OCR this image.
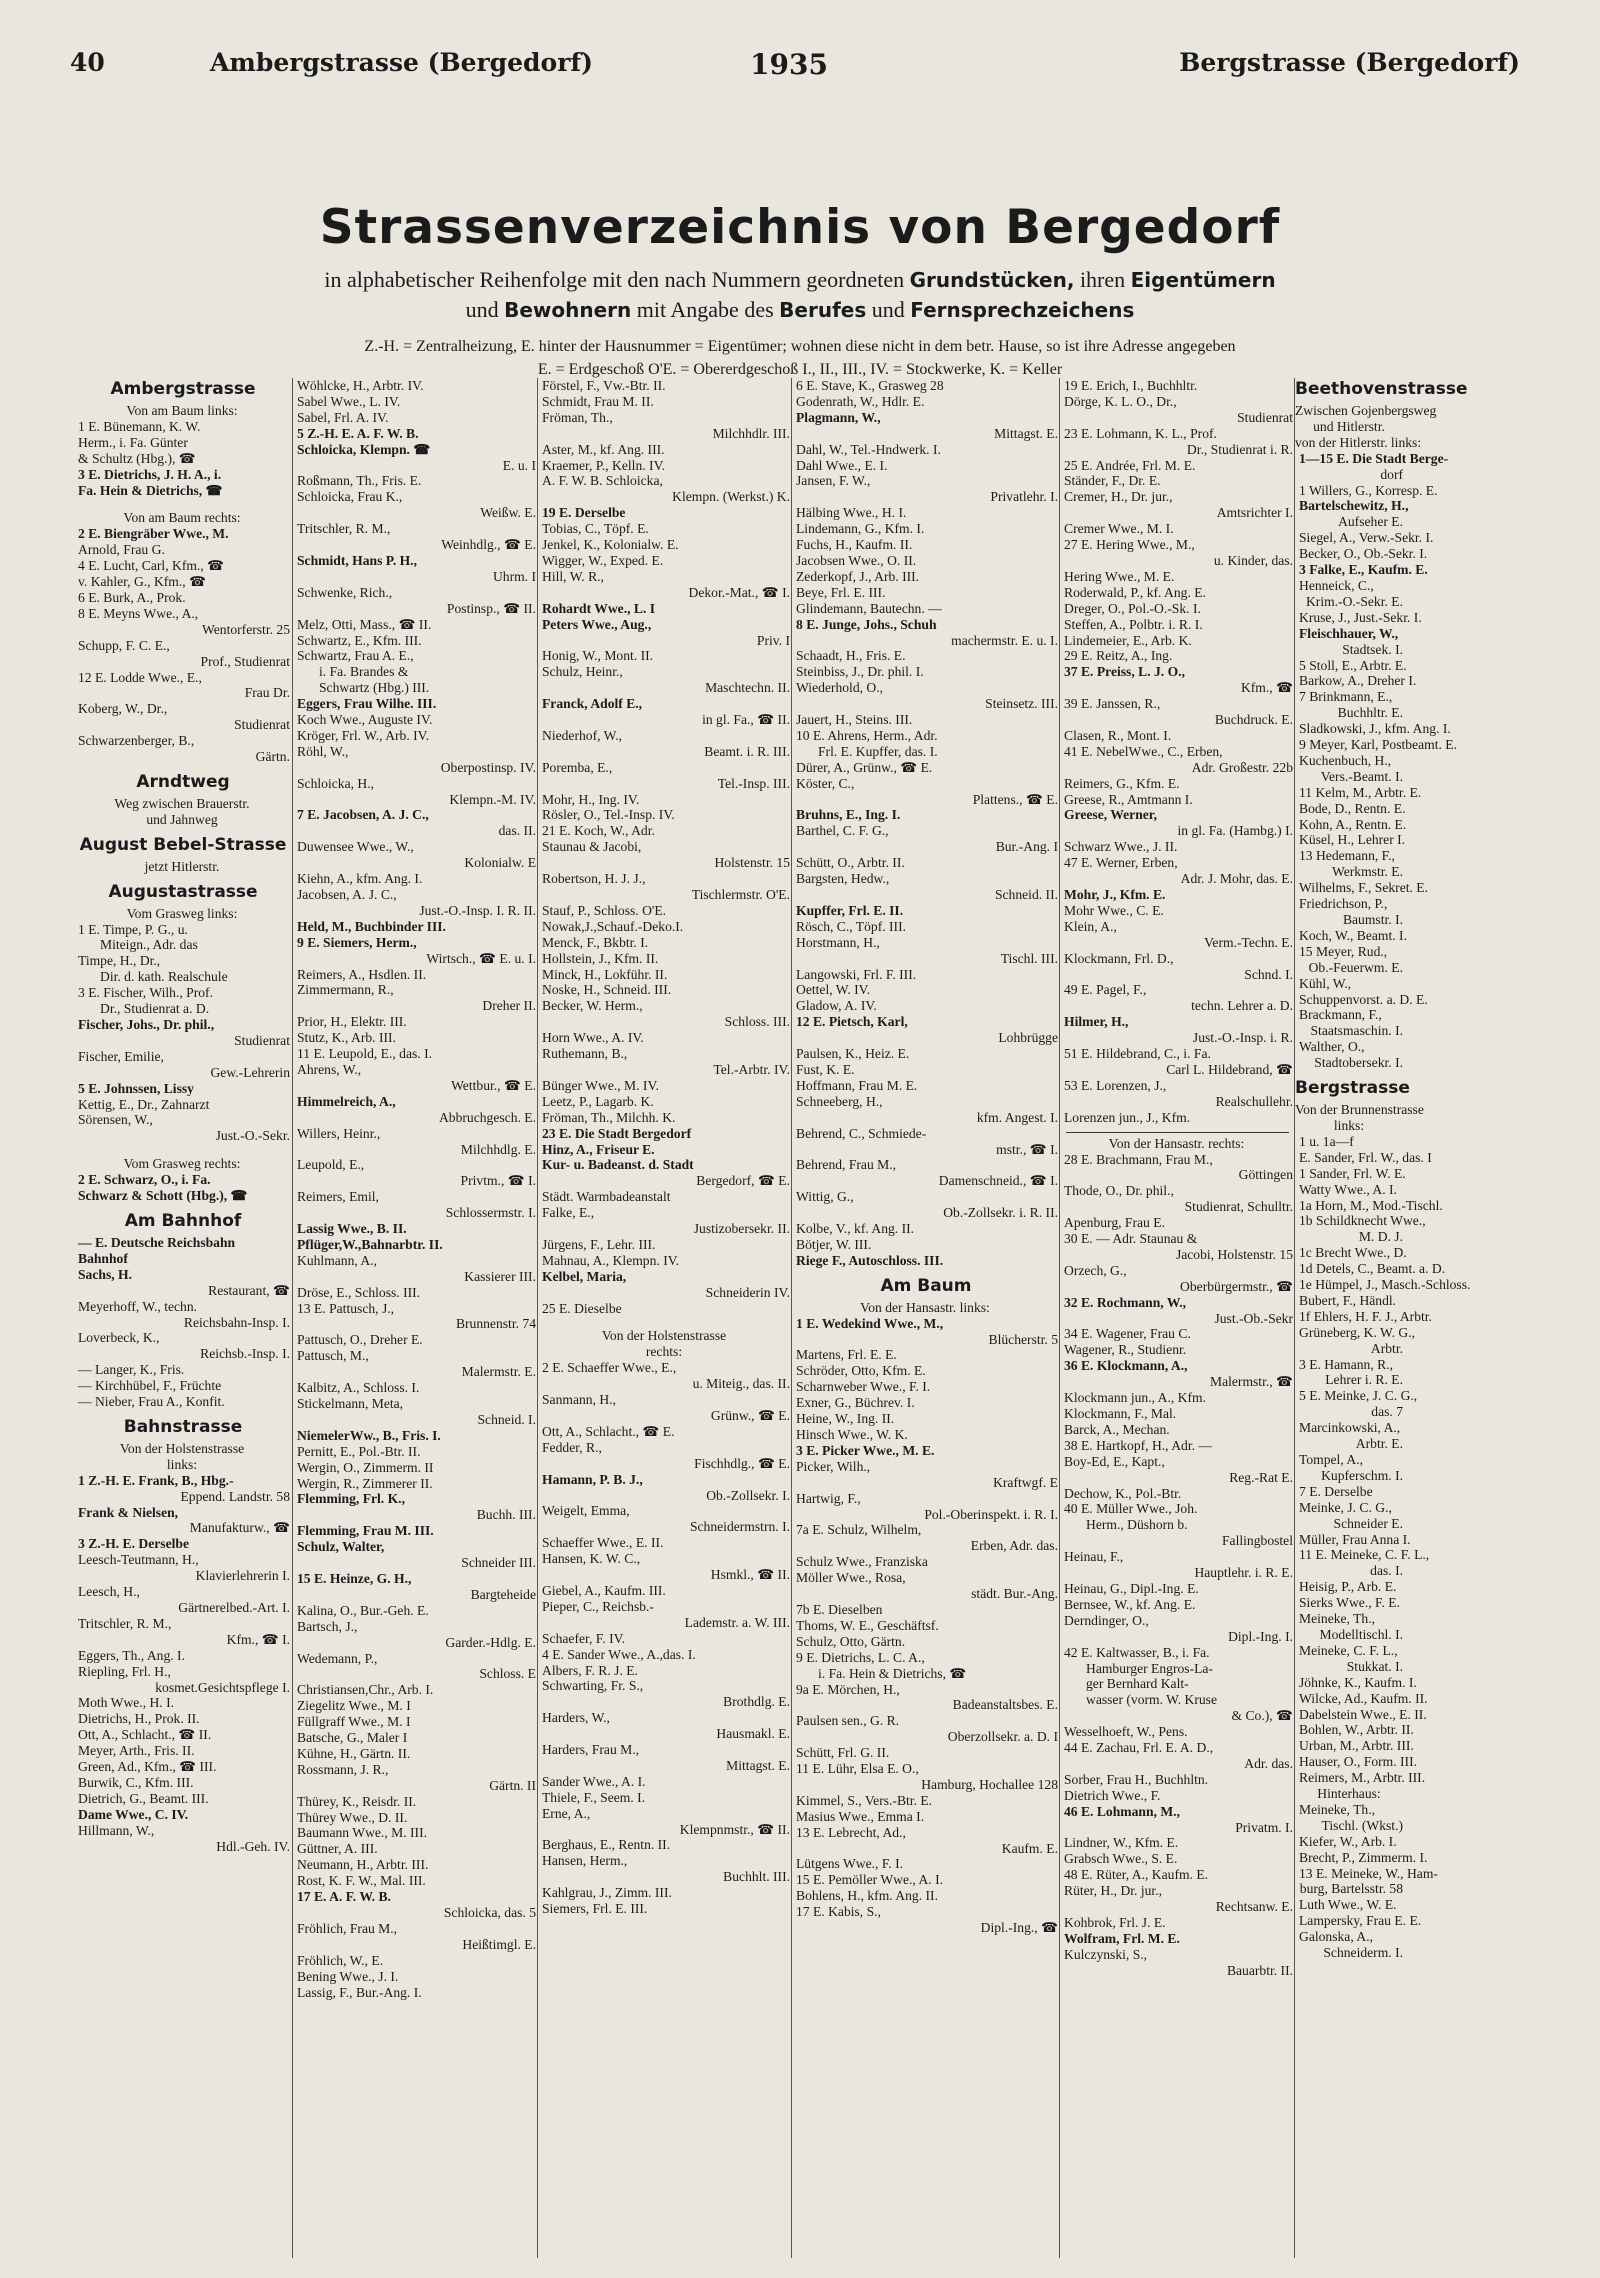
40	Ambergstrasse (Bergedorf)	1935	Bergstrasse (Bergedorf)
Strassenverzeichnis von Bergedorf
in alphabetischer Reihenfolge mit den nach Nummern geordneten Grundstücken, ihren Eigentümern
und Bewohnern mit Angabe des Berufes und Fernsprechzeichens
Z.-H. = Zentralheizung, E. hinter der Hausnummer = Eigentümer; wohnen diese nicht in dem betr. Hause, so ist ihre Adresse angegeben
E. = Erdgeschoß O'E. = Obererdgeschoß I., II., III., IV. = Stockwerke, K. = Keller
Ambergstrasse
Von am Baum links:
1 E. Bünemann, K. W.
Herm., i. Fa. Günter
& Schultz (Hbg.), ☎
3 E. Dietrichs, J. H. A., i.
Fa. Hein & Dietrichs, ☎
Von am Baum rechts:
2 E. Biengräber Wwe., M.
Arnold, Frau G.
4 E. Lucht, Carl, Kfm., ☎
v. Kahler, G., Kfm., ☎
6 E. Burk, A., Prok.
8 E. Meyns Wwe., A.,
Wentorferstr. 25
Schupp, F. C. E.,
Prof., Studienrat
12 E. Lodde Wwe., E.,
Frau Dr.
Koberg, W., Dr.,
Studienrat
Schwarzenberger, B.,
Gärtn.
Arndtweg
Weg zwischen Brauerstr.
und Jahnweg
August Bebel-Strasse
jetzt Hitlerstr.
Augustastrasse
Vom Grasweg links:
1 E. Timpe, P. G., u.
Miteign., Adr. das
Timpe, H., Dr.,
Dir. d. kath. Realschule
3 E. Fischer, Wilh., Prof.
Dr., Studienrat a. D.
Fischer, Johs., Dr. phil.,
Studienrat
Fischer, Emilie,
Gew.-Lehrerin
5 E. Johnssen, Lissy
Kettig, E., Dr., Zahnarzt
Sörensen, W.,
Just.-O.-Sekr.
Vom Grasweg rechts:
2 E. Schwarz, O., i. Fa.
Schwarz & Schott (Hbg.), ☎
Am Bahnhof
— E. Deutsche Reichsbahn
Bahnhof
Sachs, H.
Restaurant, ☎
Meyerhoff, W., techn.
Reichsbahn-Insp. I.
Loverbeck, K.,
Reichsb.-Insp. I.
— Langer, K., Fris.
— Kirchhübel, F., Früchte
— Nieber, Frau A., Konfit.
Bahnstrasse
Von der Holstenstrasse
links:
1 Z.-H. E. Frank, B., Hbg.-
Eppend. Landstr. 58
Frank & Nielsen,
Manufakturw., ☎
3 Z.-H. E. Derselbe
Leesch-Teutmann, H.,
Klavierlehrerin I.
Leesch, H.,
Gärtnerelbed.-Art. I.
Tritschler, R. M.,
Kfm., ☎ I.
Eggers, Th., Ang. I.
Riepling, Frl. H.,
kosmet.Gesichtspflege I.
Moth Wwe., H. I.
Dietrichs, H., Prok. II.
Ott, A., Schlacht., ☎ II.
Meyer, Arth., Fris. II.
Green, Ad., Kfm., ☎ III.
Burwik, C., Kfm. III.
Dietrich, G., Beamt. III.
Dame Wwe., C. IV.
Hillmann, W.,
Hdl.-Geh. IV.
Wöhlcke, H., Arbtr. IV.
Sabel Wwe., L. IV.
Sabel, Frl. A. IV.
5 Z.-H. E. A. F. W. B.
Schloicka, Klempn. ☎
E. u. I
Roßmann, Th., Fris. E.
Schloicka, Frau K.,
Weißw. E.
Tritschler, R. M.,
Weinhdlg., ☎ E.
Schmidt, Hans P. H.,
Uhrm. I
Schwenke, Rich.,
Postinsp., ☎ II.
Melz, Otti, Mass., ☎ II.
Schwartz, E., Kfm. III.
Schwartz, Frau A. E.,
i. Fa. Brandes &
Schwartz (Hbg.) III.
Eggers, Frau Wilhe. III.
Koch Wwe., Auguste IV.
Kröger, Frl. W., Arb. IV.
Röhl, W.,
Oberpostinsp. IV.
Schloicka, H.,
Klempn.-M. IV.
7 E. Jacobsen, A. J. C.,
das. II.
Duwensee Wwe., W.,
Kolonialw. E
Kiehn, A., kfm. Ang. I.
Jacobsen, A. J. C.,
Just.-O.-Insp. I. R. II.
Held, M., Buchbinder III.
9 E. Siemers, Herm.,
Wirtsch., ☎ E. u. I.
Reimers, A., Hsdlen. II.
Zimmermann, R.,
Dreher II.
Prior, H., Elektr. III.
Stutz, K., Arb. III.
11 E. Leupold, E., das. I.
Ahrens, W.,
Wettbur., ☎ E.
Himmelreich, A.,
Abbruchgesch. E.
Willers, Heinr.,
Milchhdlg. E.
Leupold, E.,
Privtm., ☎ I.
Reimers, Emil,
Schlossermstr. I.
Lassig Wwe., B. II.
Pflüger,W.,Bahnarbtr. II.
Kuhlmann, A.,
Kassierer III.
Dröse, E., Schloss. III.
13 E. Pattusch, J.,
Brunnenstr. 74
Pattusch, O., Dreher E.
Pattusch, M.,
Malermstr. E.
Kalbitz, A., Schloss. I.
Stickelmann, Meta,
Schneid. I.
NiemelerWw., B., Fris. I.
Pernitt, E., Pol.-Btr. II.
Wergin, O., Zimmerm. II
Wergin, R., Zimmerer II.
Flemming, Frl. K.,
Buchh. III.
Flemming, Frau M. III.
Schulz, Walter,
Schneider III.
15 E. Heinze, G. H.,
Bargteheide
Kalina, O., Bur.-Geh. E.
Bartsch, J.,
Garder.-Hdlg. E.
Wedemann, P.,
Schloss. E
Christiansen,Chr., Arb. I.
Ziegelitz Wwe., M. I
Füllgraff Wwe., M. I
Batsche, G., Maler I
Kühne, H., Gärtn. II.
Rossmann, J. R.,
Gärtn. II
Thürey, K., Reisdr. II.
Thürey Wwe., D. II.
Baumann Wwe., M. III.
Güttner, A. III.
Neumann, H., Arbtr. III.
Rost, K. F. W., Mal. III.
17 E. A. F. W. B.
Schloicka, das. 5
Fröhlich, Frau M.,
Heißtimgl. E.
Fröhlich, W., E.
Bening Wwe., J. I.
Lassig, F., Bur.-Ang. I.
Förstel, F., Vw.-Btr. II.
Schmidt, Frau M. II.
Fröman, Th.,
Milchhdlr. III.
Aster, M., kf. Ang. III.
Kraemer, P., Kelln. IV.
A. F. W. B. Schloicka,
Klempn. (Werkst.) K.
19 E. Derselbe
Tobias, C., Töpf. E.
Jenkel, K., Kolonialw. E.
Wigger, W., Exped. E.
Hill, W. R.,
Dekor.-Mat., ☎ I.
Rohardt Wwe., L. I
Peters Wwe., Aug.,
Priv. I
Honig, W., Mont. II.
Schulz, Heinr.,
Maschtechn. II.
Franck, Adolf E.,
in gl. Fa., ☎ II.
Niederhof, W.,
Beamt. i. R. III.
Poremba, E.,
Tel.-Insp. III.
Mohr, H., Ing. IV.
Rösler, O., Tel.-Insp. IV.
21 E. Koch, W., Adr.
Staunau & Jacobi,
Holstenstr. 15
Robertson, H. J. J.,
Tischlermstr. O'E.
Stauf, P., Schloss. O'E.
Nowak,J.,Schauf.-Deko.I.
Menck, F., Bkbtr. I.
Hollstein, J., Kfm. II.
Minck, H., Lokführ. II.
Noske, H., Schneid. III.
Becker, W. Herm.,
Schloss. III.
Horn Wwe., A. IV.
Ruthemann, B.,
Tel.-Arbtr. IV.
Bünger Wwe., M. IV.
Leetz, P., Lagarb. K.
Fröman, Th., Milchh. K.
23 E. Die Stadt Bergedorf
Hinz, A., Friseur E.
Kur- u. Badeanst. d. Stadt
Bergedorf, ☎ E.
Städt. Warmbadeanstalt
Falke, E.,
Justizobersekr. II.
Jürgens, F., Lehr. III.
Mahnau, A., Klempn. IV.
Kelbel, Maria,
Schneiderin IV.
25 E. Dieselbe
Von der Holstenstrasse
rechts:
2 E. Schaeffer Wwe., E.,
u. Miteig., das. II.
Sanmann, H.,
Grünw., ☎ E.
Ott, A., Schlacht., ☎ E.
Fedder, R.,
Fischhdlg., ☎ E.
Hamann, P. B. J.,
Ob.-Zollsekr. I.
Weigelt, Emma,
Schneidermstrn. I.
Schaeffer Wwe., E. II.
Hansen, K. W. C.,
Hsmkl., ☎ II.
Giebel, A., Kaufm. III.
Pieper, C., Reichsb.-
Lademstr. a. W. III.
Schaefer, F. IV.
4 E. Sander Wwe., A.,das. I.
Albers, F. R. J. E.
Schwarting, Fr. S.,
Brothdlg. E.
Harders, W.,
Hausmakl. E.
Harders, Frau M.,
Mittagst. E.
Sander Wwe., A. I.
Thiele, F., Seem. I.
Erne, A.,
Klempnmstr., ☎ II.
Berghaus, E., Rentn. II.
Hansen, Herm.,
Buchhlt. III.
Kahlgrau, J., Zimm. III.
Siemers, Frl. E. III.
6 E. Stave, K., Grasweg 28
Godenrath, W., Hdlr. E.
Plagmann, W.,
Mittagst. E.
Dahl, W., Tel.-Hndwerk. I.
Dahl Wwe., E. I.
Jansen, F. W.,
Privatlehr. I.
Hälbing Wwe., H. I.
Lindemann, G., Kfm. I.
Fuchs, H., Kaufm. II.
Jacobsen Wwe., O. II.
Zederkopf, J., Arb. III.
Beye, Frl. E. III.
Glindemann, Bautechn. —
8 E. Junge, Johs., Schuh
machermstr. E. u. I.
Schaadt, H., Fris. E.
Steinbiss, J., Dr. phil. I.
Wiederhold, O.,
Steinsetz. III.
Jauert, H., Steins. III.
10 E. Ahrens, Herm., Adr.
Frl. E. Kupffer, das. I.
Dürer, A., Grünw., ☎ E.
Köster, C.,
Plattens., ☎ E.
Bruhns, E., Ing. I.
Barthel, C. F. G.,
Bur.-Ang. I
Schütt, O., Arbtr. II.
Bargsten, Hedw.,
Schneid. II.
Kupffer, Frl. E. II.
Rösch, C., Töpf. III.
Horstmann, H.,
Tischl. III.
Langowski, Frl. F. III.
Oettel, W. IV.
Gladow, A. IV.
12 E. Pietsch, Karl,
Lohbrügge
Paulsen, K., Heiz. E.
Fust, K. E.
Hoffmann, Frau M. E.
Schneeberg, H.,
kfm. Angest. I.
Behrend, C., Schmiede-
mstr., ☎ I.
Behrend, Frau M.,
Damenschneid., ☎ I.
Wittig, G.,
Ob.-Zollsekr. i. R. II.
Kolbe, V., kf. Ang. II.
Bötjer, W. III.
Riege F., Autoschloss. III.
Am Baum
Von der Hansastr. links:
1 E. Wedekind Wwe., M.,
Blücherstr. 5
Martens, Frl. E. E.
Schröder, Otto, Kfm. E.
Scharnweber Wwe., F. I.
Exner, G., Büchrev. I.
Heine, W., Ing. II.
Hinsch Wwe., W. K.
3 E. Picker Wwe., M. E.
Picker, Wilh.,
Kraftwgf. E
Hartwig, F.,
Pol.-Oberinspekt. i. R. I.
7a E. Schulz, Wilhelm,
Erben, Adr. das.
Schulz Wwe., Franziska
Möller Wwe., Rosa,
städt. Bur.-Ang.
7b E. Dieselben
Thoms, W. E., Geschäftsf.
Schulz, Otto, Gärtn.
9 E. Dietrichs, L. C. A.,
i. Fa. Hein & Dietrichs, ☎
9a E. Mörchen, H.,
Badeanstaltsbes. E.
Paulsen sen., G. R.
Oberzollsekr. a. D. I
Schütt, Frl. G. II.
11 E. Lühr, Elsa E. O.,
Hamburg, Hochallee 128
Kimmel, S., Vers.-Btr. E.
Masius Wwe., Emma I.
13 E. Lebrecht, Ad.,
Kaufm. E.
Lütgens Wwe., F. I.
15 E. Pemöller Wwe., A. I.
Bohlens, H., kfm. Ang. II.
17 E. Kabis, S.,
Dipl.-Ing., ☎
19 E. Erich, I., Buchhltr.
Dörge, K. L. O., Dr.,
Studienrat
23 E. Lohmann, K. L., Prof.
Dr., Studienrat i. R.
25 E. Andrée, Frl. M. E.
Ständer, F., Dr. E.
Cremer, H., Dr. jur.,
Amtsrichter I.
Cremer Wwe., M. I.
27 E. Hering Wwe., M.,
u. Kinder, das.
Hering Wwe., M. E.
Roderwald, P., kf. Ang. E.
Dreger, O., Pol.-O.-Sk. I.
Steffen, A., Polbtr. i. R. I.
Lindemeier, E., Arb. K.
29 E. Reitz, A., Ing.
37 E. Preiss, L. J. O.,
Kfm., ☎
39 E. Janssen, R.,
Buchdruck. E.
Clasen, R., Mont. I.
41 E. NebelWwe., C., Erben,
Adr. Großestr. 22b
Reimers, G., Kfm. E.
Greese, R., Amtmann I.
Greese, Werner,
in gl. Fa. (Hambg.) I.
Schwarz Wwe., J. II.
47 E. Werner, Erben,
Adr. J. Mohr, das. E.
Mohr, J., Kfm. E.
Mohr Wwe., C. E.
Klein, A.,
Verm.-Techn. E.
Klockmann, Frl. D.,
Schnd. I.
49 E. Pagel, F.,
techn. Lehrer a. D.
Hilmer, H.,
Just.-O.-Insp. i. R.
51 E. Hildebrand, C., i. Fa.
Carl L. Hildebrand, ☎
53 E. Lorenzen, J.,
Realschullehr.
Lorenzen jun., J., Kfm.
Von der Hansastr. rechts:
28 E. Brachmann, Frau M.,
Göttingen
Thode, O., Dr. phil.,
Studienrat, Schulltr.
Apenburg, Frau E.
30 E. — Adr. Staunau &
Jacobi, Holstenstr. 15
Orzech, G.,
Oberbürgermstr., ☎
32 E. Rochmann, W.,
Just.-Ob.-Sekr
34 E. Wagener, Frau C.
Wagener, R., Studienr.
36 E. Klockmann, A.,
Malermstr., ☎
Klockmann jun., A., Kfm.
Klockmann, F., Mal.
Barck, A., Mechan.
38 E. Hartkopf, H., Adr. —
Boy-Ed, E., Kapt.,
Reg.-Rat E.
Dechow, K., Pol.-Btr.
40 E. Müller Wwe., Joh.
Herm., Düshorn b.
Fallingbostel
Heinau, F.,
Hauptlehr. i. R. E.
Heinau, G., Dipl.-Ing. E.
Bernsee, W., kf. Ang. E.
Derndinger, O.,
Dipl.-Ing. I.
42 E. Kaltwasser, B., i. Fa.
Hamburger Engros-La-
ger Bernhard Kalt-
wasser (vorm. W. Kruse
& Co.), ☎
Wesselhoeft, W., Pens.
44 E. Zachau, Frl. E. A. D.,
Adr. das.
Sorber, Frau H., Buchhltn.
Dietrich Wwe., F.
46 E. Lohmann, M.,
Privatm. I.
Lindner, W., Kfm. E.
Grabsch Wwe., S. E.
48 E. Rüter, A., Kaufm. E.
Rüter, H., Dr. jur.,
Rechtsanw. E.
Kohbrok, Frl. J. E.
Wolfram, Frl. M. E.
Kulczynski, S.,
Bauarbtr. II.
Beethovenstrasse
Zwischen Gojenbergsweg
und Hitlerstr.
von der Hitlerstr. links:
1—15 E. Die Stadt Berge-
dorf
1 Willers, G., Korresp. E.
Bartelschewitz, H.,
Aufseher E.
Siegel, A., Verw.-Sekr. I.
Becker, O., Ob.-Sekr. I.
3 Falke, E., Kaufm. E.
Henneick, C.,
Krim.-O.-Sekr. E.
Kruse, J., Just.-Sekr. I.
Fleischhauer, W.,
Stadtsek. I.
5 Stoll, E., Arbtr. E.
Barkow, A., Dreher I.
7 Brinkmann, E.,
Buchhltr. E.
Sladkowski, J., kfm. Ang. I.
9 Meyer, Karl, Postbeamt. E.
Kuchenbuch, H.,
Vers.-Beamt. I.
11 Kelm, M., Arbtr. E.
Bode, D., Rentn. E.
Kohn, A., Rentn. E.
Küsel, H., Lehrer I.
13 Hedemann, F.,
Werkmstr. E.
Wilhelms, F., Sekret. E.
Friedrichson, P.,
Baumstr. I.
Koch, W., Beamt. I.
15 Meyer, Rud.,
Ob.-Feuerwm. E.
Kühl, W.,
Schuppenvorst. a. D. E.
Brackmann, F.,
Staatsmaschin. I.
Walther, O.,
Stadtobersekr. I.
Bergstrasse
Von der Brunnenstrasse
links:
1 u. 1a—f
E. Sander, Frl. W., das. I
1 Sander, Frl. W. E.
Watty Wwe., A. I.
1a Horn, M., Mod.-Tischl.
1b Schildknecht Wwe.,
M. D. J.
1c Brecht Wwe., D.
1d Detels, C., Beamt. a. D.
1e Hümpel, J., Masch.-Schloss.
Bubert, F., Händl.
1f Ehlers, H. F. J., Arbtr.
Grüneberg, K. W. G.,
Arbtr.
3 E. Hamann, R.,
Lehrer i. R. E.
5 E. Meinke, J. C. G.,
das. 7
Marcinkowski, A.,
Arbtr. E.
Tompel, A.,
Kupferschm. I.
7 E. Derselbe
Meinke, J. C. G.,
Schneider E.
Müller, Frau Anna I.
11 E. Meineke, C. F. L.,
das. I.
Heisig, P., Arb. E.
Sierks Wwe., F. E.
Meineke, Th.,
Modelltischl. I.
Meineke, C. F. L.,
Stukkat. I.
Jöhnke, K., Kaufm. I.
Wilcke, Ad., Kaufm. II.
Dabelstein Wwe., E. II.
Bohlen, W., Arbtr. II.
Urban, M., Arbtr. III.
Hauser, O., Form. III.
Reimers, M., Arbtr. III.
Hinterhaus:
Meineke, Th.,
Tischl. (Wkst.)
Kiefer, W., Arb. I.
Brecht, P., Zimmerm. I.
13 E. Meineke, W., Ham-
burg, Bartelsstr. 58
Luth Wwe., W. E.
Lampersky, Frau E. E.
Galonska, A.,
Schneiderm. I.
